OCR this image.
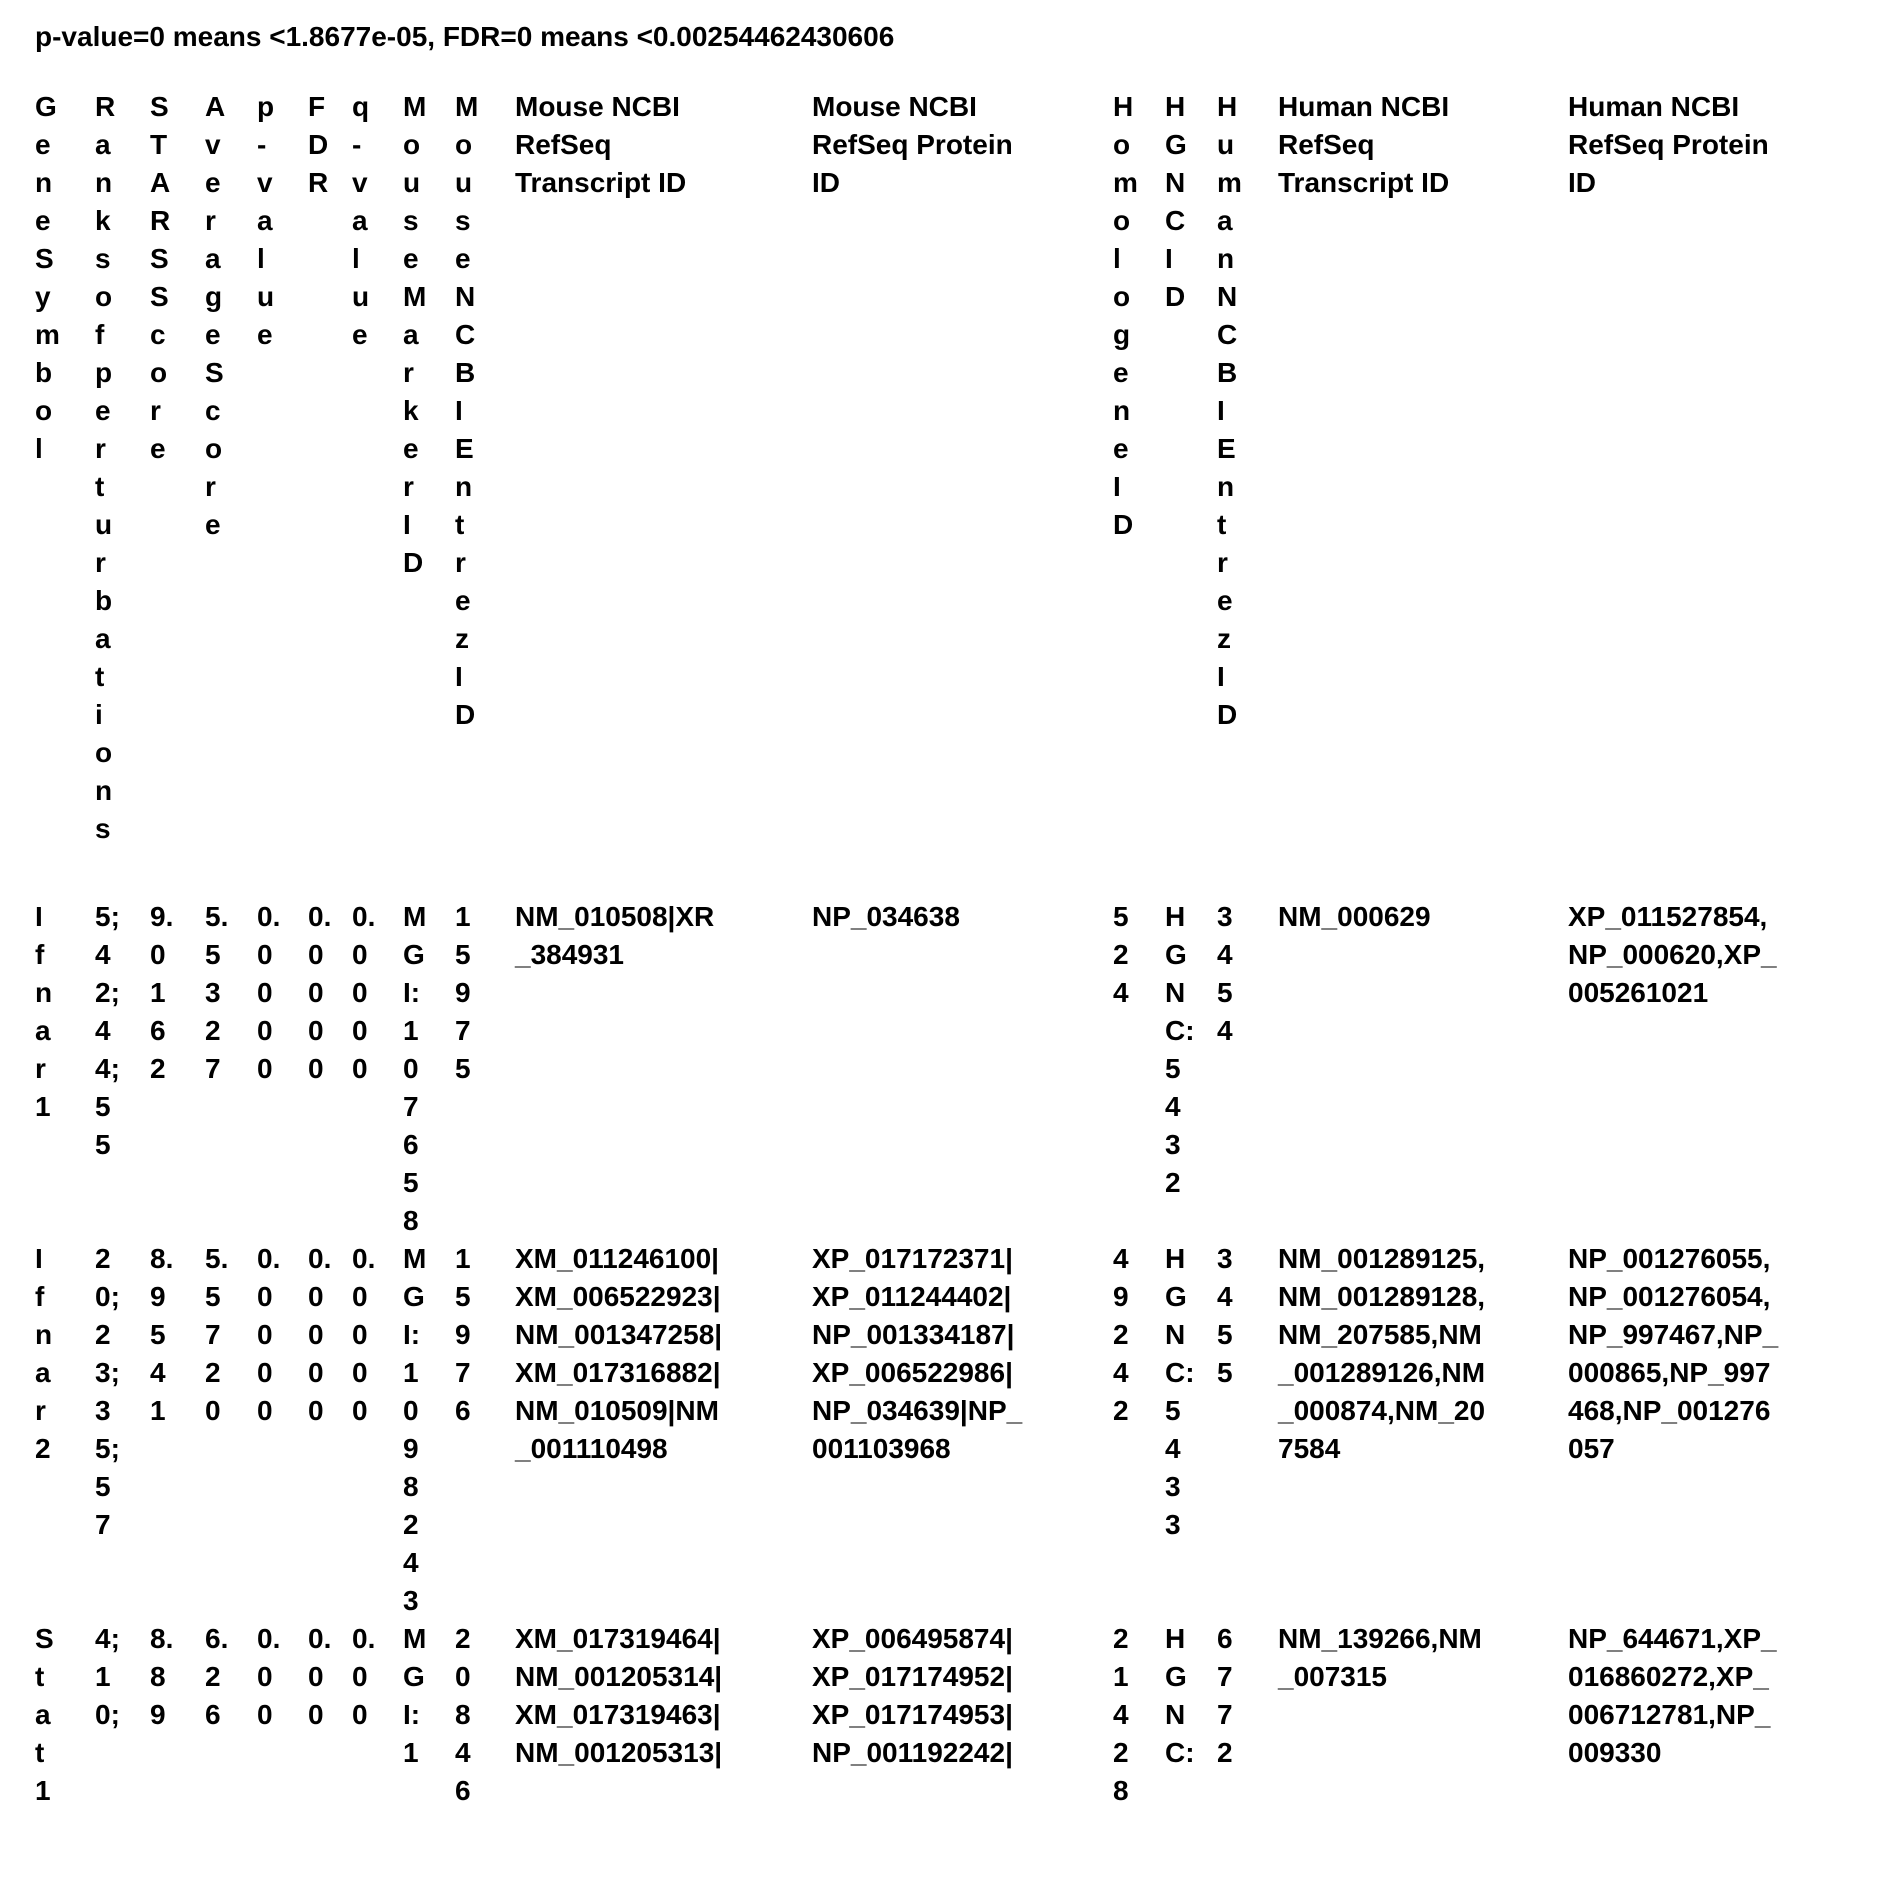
p-value=0 means <1.8677e-05, FDR=0 means <0.00254462430606
Gene Symbol	Ranks of perturbations	STARS Score	Average Score	p-value	FDR	q-value	Mouse MarkerID	Mouse NCBI Entrez ID	Mouse NCBI RefSeq Transcript ID	Mouse NCBI RefSeq Protein ID	Homologene ID	HGNC ID	Human NCBI Entrez ID	Human NCBI RefSeq Transcript ID	Human NCBI RefSeq Protein ID

Ifnar1	5;42;44;55	9.0162	5.5327	0.0000	0.0000	0.0000	MGI:107658	15975	NM_010508|XR_384931	NP_034638	524	HGNC:5432	3454	NM_000629	XP_011527854,NP_000620,XP_005261021

Ifnar2	20;23;35;57	8.9541	5.5720	0.0000	0.0000	0.0000	MGI:1098243	15976	XM_011246100|XM_006522923|NM_001347258|XM_017316882|NM_010509|NM_001110498	XP_017172371|XP_011244402|NP_001334187|XP_006522986|NP_034639|NP_001103968	49242	HGNC:5433	3455	NM_001289125,NM_001289128,NM_207585,NM_001289126,NM_000874,NM_207584	NP_001276055,NP_001276054,NP_997467,NP_000865,NP_997468,NP_001276057

Stat1	4;10;	8.89	6.26	0.00	0.00	0.00	MGI:1	20846	XM_017319464|NM_001205314|XM_017319463|NM_001205313|	XP_006495874|XP_017174952|XP_017174953|NP_001192242|	21428	HGNC:	6772	NM_139266,NM_007315	NP_644671,XP_016860272,XP_006712781,NP_009330
